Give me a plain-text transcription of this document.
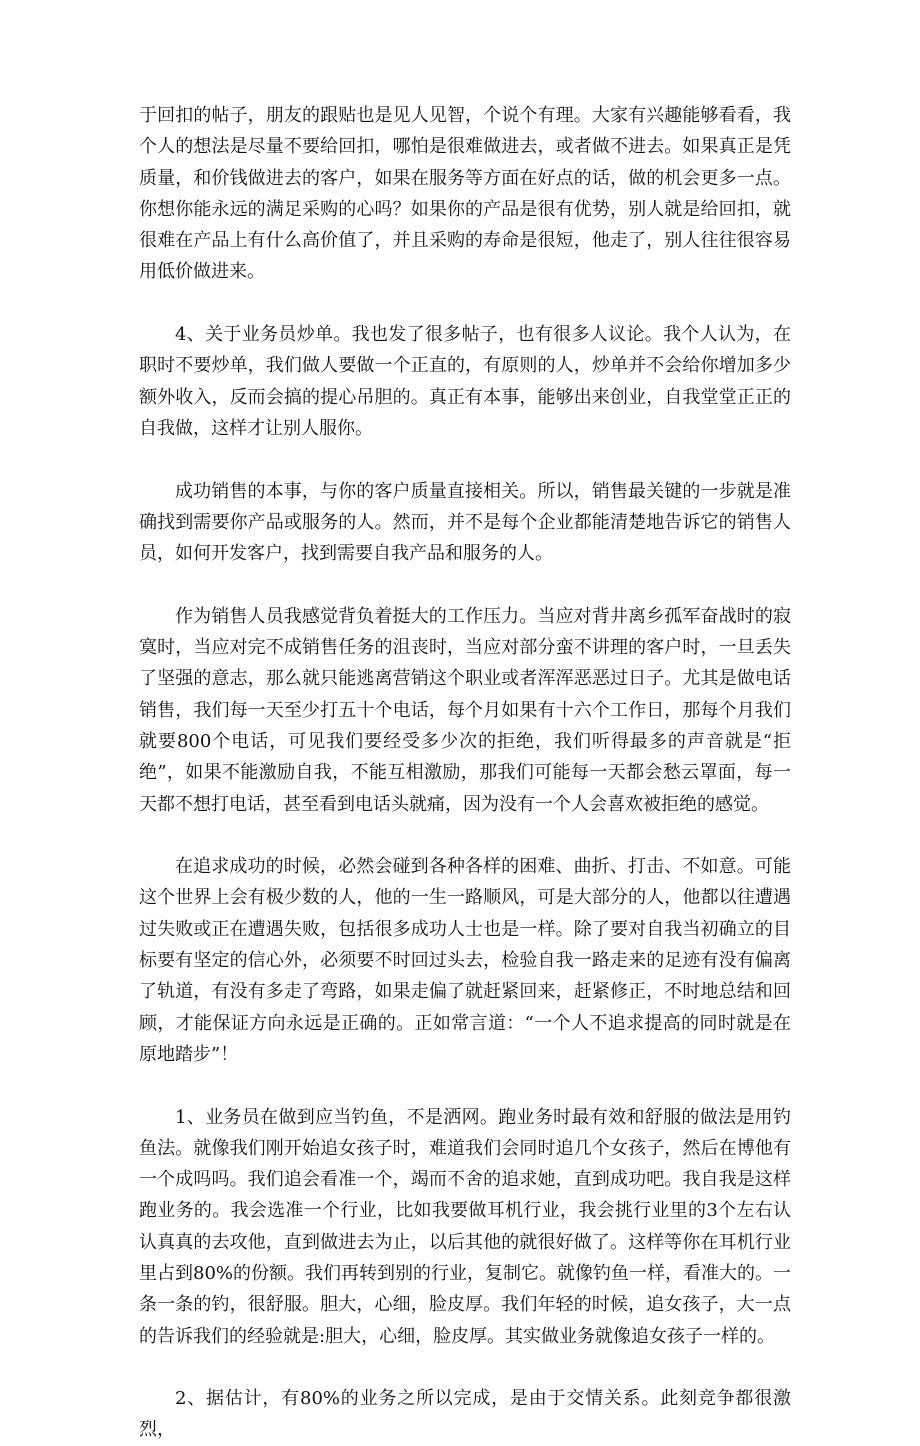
于回扣的帖子，朋友的跟贴也是见人见智，个说个有理。大家有兴趣能够看看，我个人的想法是尽量不要给回扣，哪怕是很难做进去，或者做不进去。如果真正是凭质量，和价钱做进去的客户，如果在服务等方面在好点的话，做的机会更多一点。你想你能永远的满足采购的心吗？如果你的产品是很有优势，别人就是给回扣，就很难在产品上有什么高价值了，并且采购的寿命是很短，他走了，别人往往很容易用低价做进来。

4、关于业务员炒单。我也发了很多帖子，也有很多人议论。我个人认为，在职时不要炒单，我们做人要做一个正直的，有原则的人，炒单并不会给你增加多少额外收入，反而会搞的提心吊胆的。真正有本事，能够出来创业，自我堂堂正正的自我做，这样才让别人服你。

成功销售的本事，与你的客户质量直接相关。所以，销售最关键的一步就是准确找到需要你产品或服务的人。然而，并不是每个企业都能清楚地告诉它的销售人员，如何开发客户，找到需要自我产品和服务的人。

作为销售人员我感觉背负着挺大的工作压力。当应对背井离乡孤军奋战时的寂寞时，当应对完不成销售任务的沮丧时，当应对部分蛮不讲理的客户时，一旦丢失了坚强的意志，那么就只能逃离营销这个职业或者浑浑恶恶过日子。尤其是做电话销售，我们每一天至少打五十个电话，每个月如果有十六个工作日，那每个月我们就要800个电话，可见我们要经受多少次的拒绝，我们听得最多的声音就是“拒绝”，如果不能激励自我，不能互相激励，那我们可能每一天都会愁云罩面，每一天都不想打电话，甚至看到电话头就痛，因为没有一个人会喜欢被拒绝的感觉。

在追求成功的时候，必然会碰到各种各样的困难、曲折、打击、不如意。可能这个世界上会有极少数的人，他的一生一路顺风，可是大部分的人，他都以往遭遇过失败或正在遭遇失败，包括很多成功人士也是一样。除了要对自我当初确立的目标要有坚定的信心外，必须要不时回过头去，检验自我一路走来的足迹有没有偏离了轨道，有没有多走了弯路，如果走偏了就赶紧回来，赶紧修正，不时地总结和回顾，才能保证方向永远是正确的。正如常言道：“一个人不追求提高的同时就是在原地踏步”！

1、业务员在做到应当钓鱼，不是洒网。跑业务时最有效和舒服的做法是用钓鱼法。就像我们刚开始追女孩子时，难道我们会同时追几个女孩子，然后在博他有一个成吗吗。我们追会看准一个，竭而不舍的追求她，直到成功吧。我自我是这样跑业务的。我会选准一个行业，比如我要做耳机行业，我会挑行业里的3个左右认认真真的去攻他，直到做进去为止，以后其他的就很好做了。这样等你在耳机行业里占到80%的份额。我们再转到别的行业，复制它。就像钓鱼一样，看准大的。一条一条的钓，很舒服。胆大，心细，脸皮厚。我们年轻的时候，追女孩子，大一点的告诉我们的经验就是:胆大，心细，脸皮厚。其实做业务就像追女孩子一样的。

2、据估计，有80%的业务之所以完成，是由于交情关系。此刻竞争都很激烈，
